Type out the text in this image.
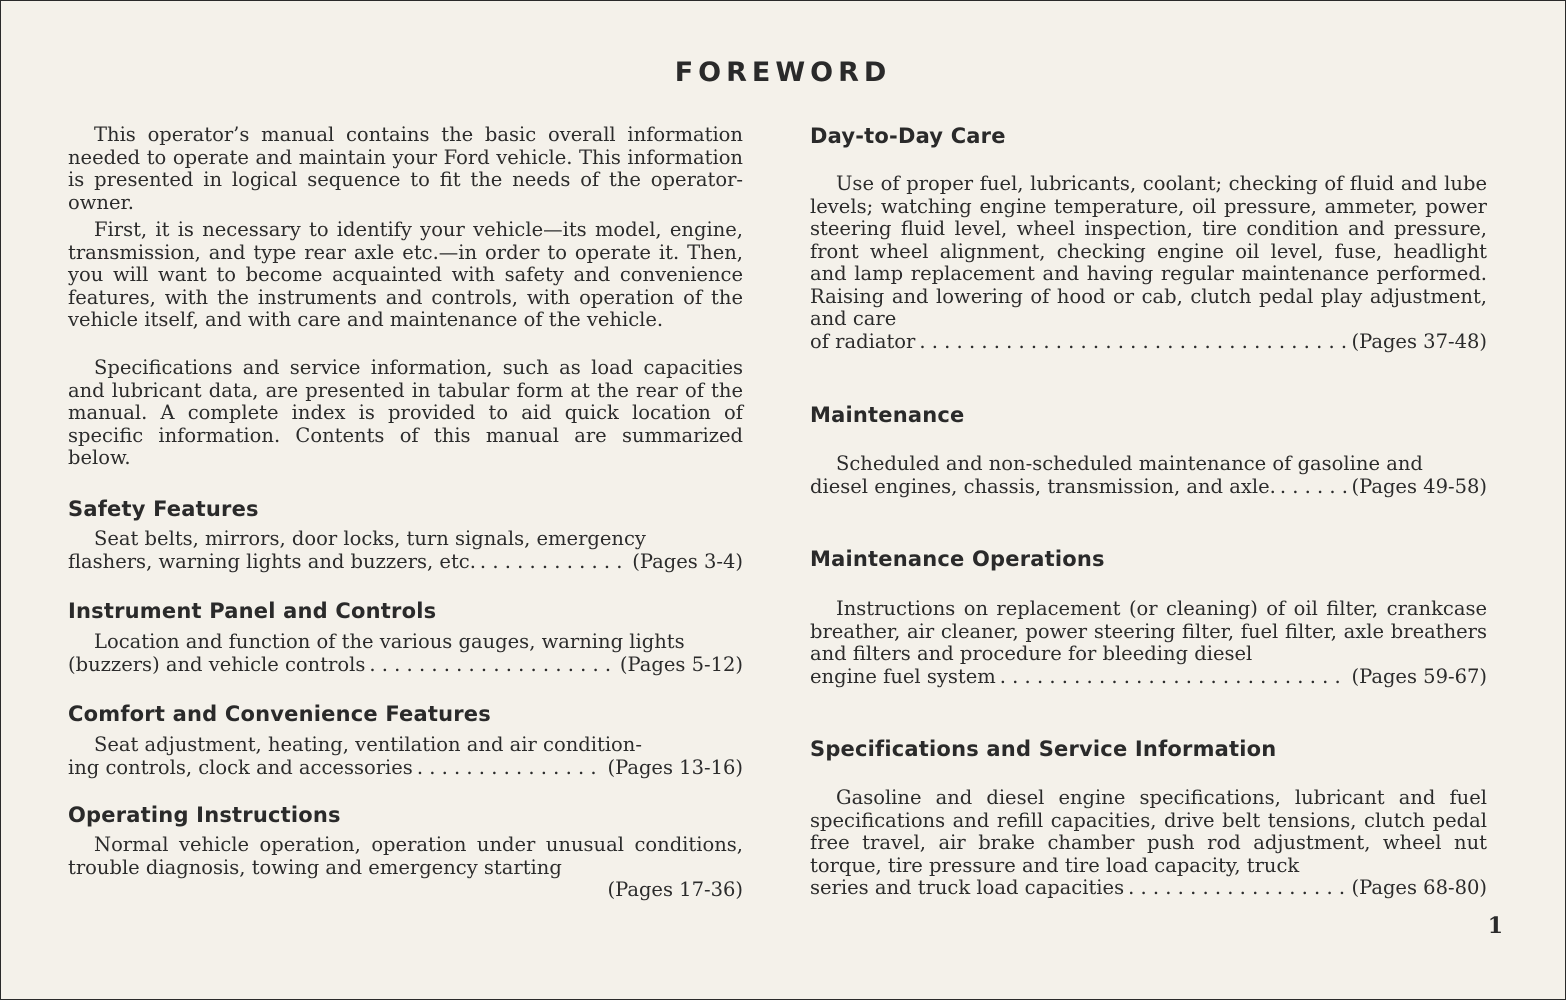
FOREWORD

This operator’s manual contains the basic overall information needed to operate and maintain your Ford vehicle. This information is presented in logical sequence to fit the needs of the operator-owner.

First, it is necessary to identify your vehicle—its model, engine, transmission, and type rear axle etc.—in order to operate it. Then, you will want to become acquainted with safety and convenience features, with the instruments and controls, with operation of the vehicle itself, and with care and maintenance of the vehicle.

Specifications and service information, such as load capacities and lubricant data, are presented in tabular form at the rear of the manual. A complete index is provided to aid quick location of specific information. Contents of this manual are summarized below.

Safety Features
Seat belts, mirrors, door locks, turn signals, emergency
flashers, warning lights and buzzers, etc. . . .	(Pages 3-4)
Instrument Panel and Controls
Location and function of the various gauges, warning lights
(buzzers) and vehicle controls . . .	(Pages 5-12)
Comfort and Convenience Features
Seat adjustment, heating, ventilation and air condition-
ing controls, clock and accessories . . .	(Pages 13-16)
Operating Instructions
Normal vehicle operation, operation under unusual conditions, trouble diagnosis, towing and emergency starting
(Pages 17-36)
Day-to-Day Care
Use of proper fuel, lubricants, coolant; checking of fluid and lube levels; watching engine temperature, oil pressure, ammeter, power steering fluid level, wheel inspection, tire condition and pressure, front wheel alignment, checking engine oil level, fuse, headlight and lamp replacement and having regular maintenance performed. Raising and lowering of hood or cab, clutch pedal play adjustment, and care
of radiator . . .	(Pages 37-48)
Maintenance
Scheduled and non-scheduled maintenance of gasoline and
diesel engines, chassis, transmission, and axle. . . .	(Pages 49-58)
Maintenance Operations
Instructions on replacement (or cleaning) of oil filter, crankcase breather, air cleaner, power steering filter, fuel filter, axle breathers and filters and procedure for bleeding diesel
engine fuel system . . .	(Pages 59-67)
Specifications and Service Information
Gasoline and diesel engine specifications, lubricant and fuel specifications and refill capacities, drive belt tensions, clutch pedal free travel, air brake chamber push rod adjustment, wheel nut torque, tire pressure and tire load capacity, truck
series and truck load capacities . . .	(Pages 68-80)
1
